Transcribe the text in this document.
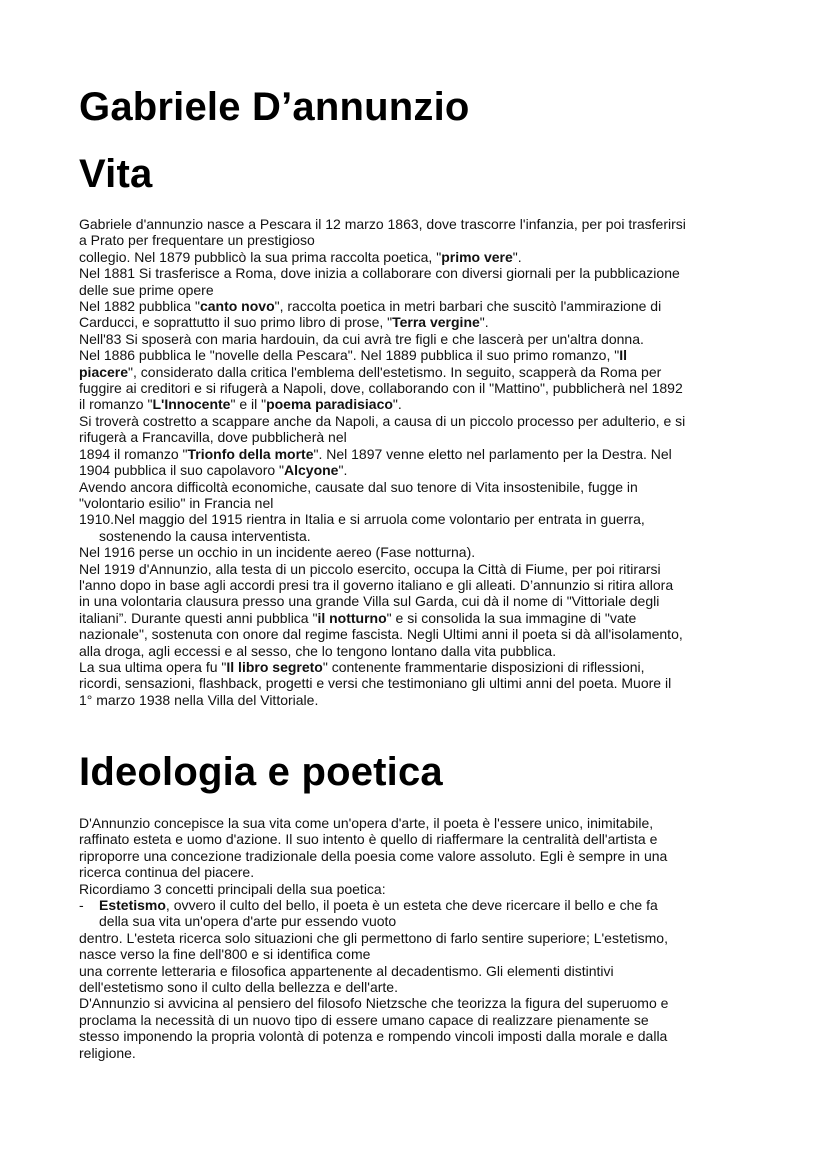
Gabriele D’annunzio
Vita
Gabriele d'annunzio nasce a Pescara il 12 marzo 1863, dove trascorre l'infanzia, per poi trasferirsi
a Prato per frequentare un prestigioso
collegio. Nel 1879 pubblicò la sua prima raccolta poetica, "primo vere".
Nel 1881 Si trasferisce a Roma, dove inizia a collaborare con diversi giornali per la pubblicazione
delle sue prime opere
Nel 1882 pubblica "canto novo", raccolta poetica in metri barbari che suscitò l'ammirazione di
Carducci, e soprattutto il suo primo libro di prose, "Terra vergine".
Nell'83 Si sposerà con maria hardouin, da cui avrà tre figli e che lascerà per un'altra donna.
Nel 1886 pubblica le "novelle della Pescara". Nel 1889 pubblica il suo primo romanzo, "Il
piacere", considerato dalla critica l'emblema dell'estetismo. In seguito, scapperà da Roma per
fuggire ai creditori e si rifugerà a Napoli, dove, collaborando con il "Mattino", pubblicherà nel 1892
il romanzo "L'Innocente" e il "poema paradisiaco".
Si troverà costretto a scappare anche da Napoli, a causa di un piccolo processo per adulterio, e si
rifugerà a Francavilla, dove pubblicherà nel
1894 il romanzo "Trionfo della morte". Nel 1897 venne eletto nel parlamento per la Destra. Nel
1904 pubblica il suo capolavoro "Alcyone".
Avendo ancora difficoltà economiche, causate dal suo tenore di Vita insostenibile, fugge in
"volontario esilio" in Francia nel
1910.Nel maggio del 1915 rientra in Italia e si arruola come volontario per entrata in guerra,
sostenendo la causa interventista.
Nel 1916 perse un occhio in un incidente aereo (Fase notturna).
Nel 1919 d'Annunzio, alla testa di un piccolo esercito, occupa la Città di Fiume, per poi ritirarsi
l'anno dopo in base agli accordi presi tra il governo italiano e gli alleati. D’annunzio si ritira allora
in una volontaria clausura presso una grande Villa sul Garda, cui dà il nome di "Vittoriale degli
italiani”. Durante questi anni pubblica "il notturno" e si consolida la sua immagine di "vate
nazionale", sostenuta con onore dal regime fascista. Negli Ultimi anni il poeta si dà all'isolamento,
alla droga, agli eccessi e al sesso, che lo tengono lontano dalla vita pubblica.
La sua ultima opera fu "Il libro segreto" contenente frammentarie disposizioni di riflessioni,
ricordi, sensazioni, flashback, progetti e versi che testimoniano gli ultimi anni del poeta. Muore il
1° marzo 1938 nella Villa del Vittoriale.
Ideologia e poetica
D'Annunzio concepisce la sua vita come un'opera d'arte, il poeta è l'essere unico, inimitabile,
raffinato esteta e uomo d'azione. Il suo intento è quello di riaffermare la centralità dell'artista e
riproporre una concezione tradizionale della poesia come valore assoluto. Egli è sempre in una
ricerca continua del piacere.
Ricordiamo 3 concetti principali della sua poetica:
-	Estetismo, ovvero il culto del bello, il poeta è un esteta che deve ricercare il bello e che fa
della sua vita un'opera d'arte pur essendo vuoto
dentro. L'esteta ricerca solo situazioni che gli permettono di farlo sentire superiore; L'estetismo,
nasce verso la fine dell'800 e si identifica come
una corrente letteraria e filosofica appartenente al decadentismo. Gli elementi distintivi
dell'estetismo sono il culto della bellezza e dell'arte.
D'Annunzio si avvicina al pensiero del filosofo Nietzsche che teorizza la figura del superuomo e
proclama la necessità di un nuovo tipo di essere umano capace di realizzare pienamente se
stesso imponendo la propria volontà di potenza e rompendo vincoli imposti dalla morale e dalla
religione.
